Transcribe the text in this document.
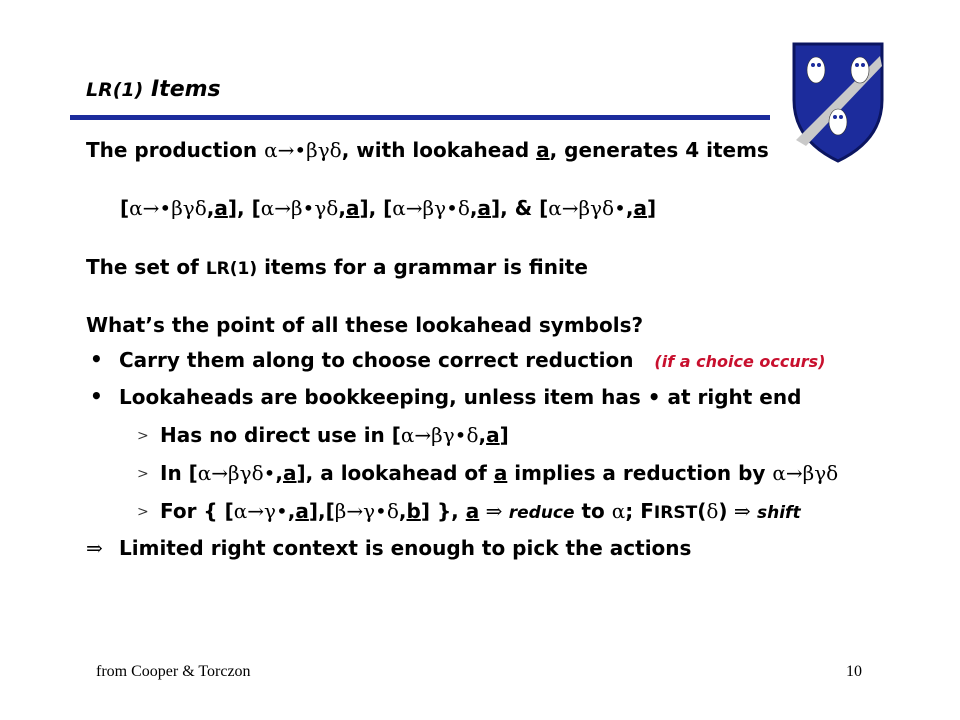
LR(1) Items
The production α→•βγδ, with lookahead a, generates 4 items
[α→•βγδ,a], [α→β•γδ,a], [α→βγ•δ,a], & [α→βγδ•,a]
The set of LR(1) items for a grammar is finite
What’s the point of all these lookahead symbols?
• Carry them along to choose correct reduction (if a choice occurs)
• Lookaheads are bookkeeping, unless item has • at right end
> Has no direct use in [α→βγ•δ,a]
> In [α→βγδ•,a], a lookahead of a implies a reduction by α→βγδ
> For { [α→γ•,a],[β→γ•δ,b] }, a ⇒ reduce to α; FIRST(δ) ⇒ shift
⇒ Limited right context is enough to pick the actions
from Cooper & Torczon	10
